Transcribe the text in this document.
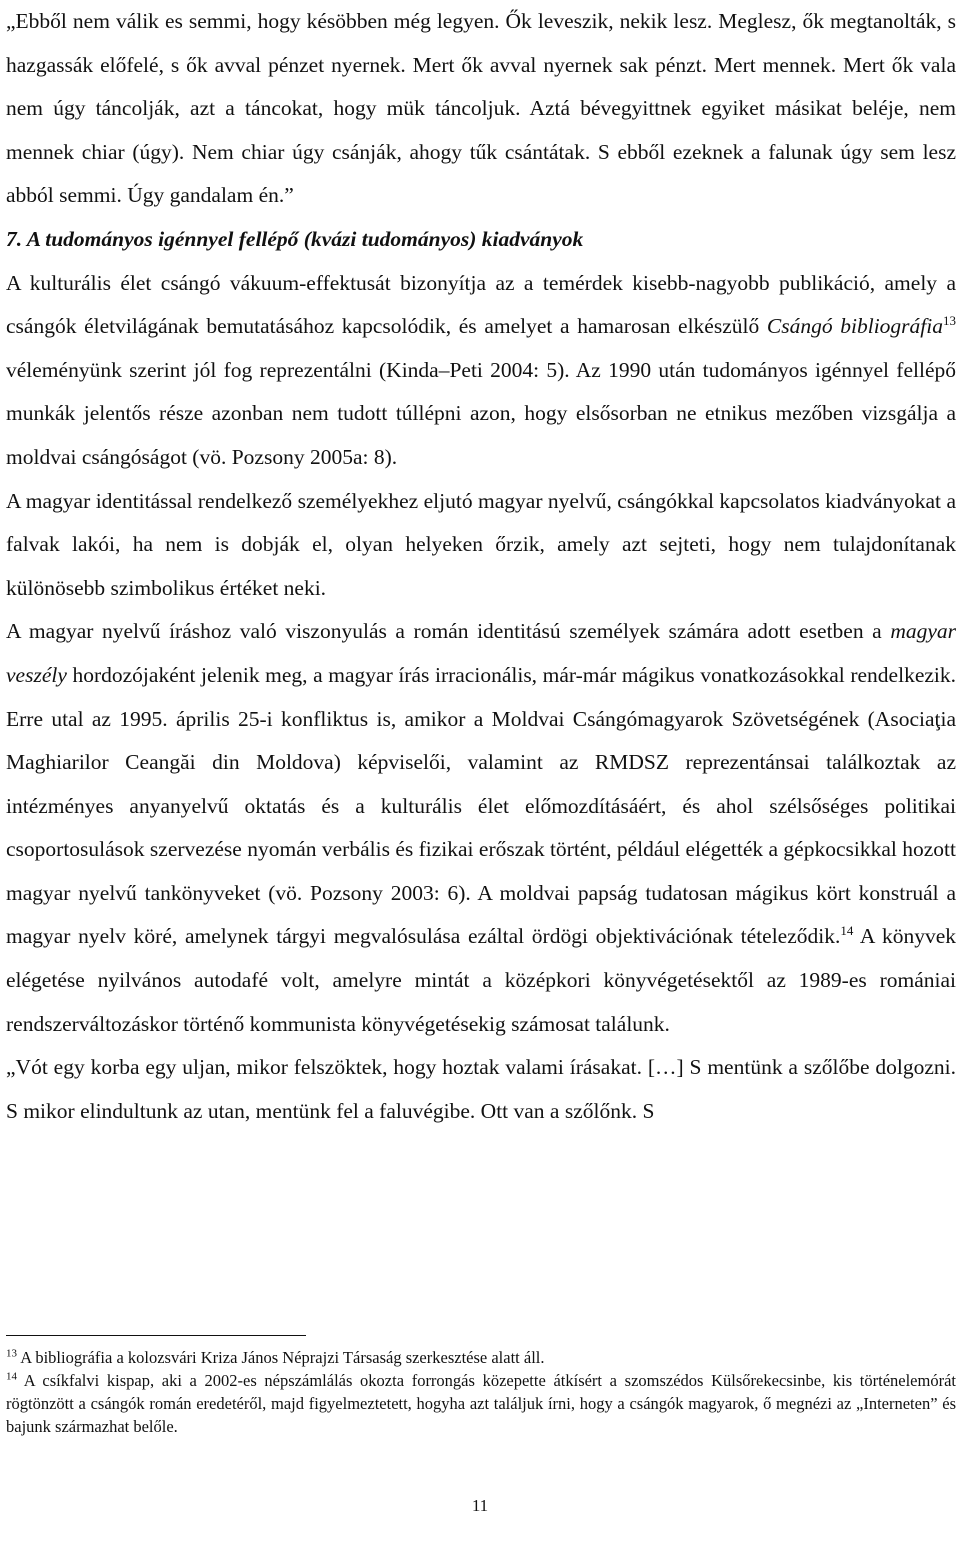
„Ebből nem válik es semmi, hogy késöbben még legyen. Ők leveszik, nekik lesz. Meglesz, ők megtanolták, s hazgassák előfelé, s ők avval pénzet nyernek. Mert ők avval nyernek sak pénzt. Mert mennek. Mert ők vala nem úgy táncolják, azt a táncokat, hogy mük táncoljuk. Aztá bévegyittnek egyiket másikat beléje, nem mennek chiar (úgy). Nem chiar úgy csánják, ahogy tűk csántátak. S ebből ezeknek a falunak úgy sem lesz abból semmi. Úgy gandalam én.”

7. A tudományos igénnyel fellépő (kvázi tudományos) kiadványok

A kulturális élet csángó vákuum-effektusát bizonyítja az a temérdek kisebb-nagyobb publikáció, amely a csángók életvilágának bemutatásához kapcsolódik, és amelyet a hamarosan elkészülő Csángó bibliográfia$^{13}$ véleményünk szerint jól fog reprezentálni (Kinda–Peti 2004: 5). Az 1990 után tudományos igénnyel fellépő munkák jelentős része azonban nem tudott túllépni azon, hogy elsősorban ne etnikus mezőben vizsgálja a moldvai csángóságot (vö. Pozsony 2005a: 8).

A magyar identitással rendelkező személyekhez eljutó magyar nyelvű, csángókkal kapcsolatos kiadványokat a falvak lakói, ha nem is dobják el, olyan helyeken őrzik, amely azt sejteti, hogy nem tulajdonítanak különösebb szimbolikus értéket neki.

A magyar nyelvű íráshoz való viszonyulás a román identitású személyek számára adott esetben a magyar veszély hordozójaként jelenik meg, a magyar írás irracionális, már-már mágikus vonatkozásokkal rendelkezik. Erre utal az 1995. április 25-i konfliktus is, amikor a Moldvai Csángómagyarok Szövetségének (Asociaţia Maghiarilor Ceangăi din Moldova) képviselői, valamint az RMDSZ reprezentánsai találkoztak az intézményes anyanyelvű oktatás és a kulturális élet előmozdításáért, és ahol szélsőséges politikai csoportosulások szervezése nyomán verbális és fizikai erőszak történt, például elégették a gépkocsikkal hozott magyar nyelvű tankönyveket (vö. Pozsony 2003: 6). A moldvai papság tudatosan mágikus kört konstruál a magyar nyelv köré, amelynek tárgyi megvalósulása ezáltal ördögi objektivációnak tételeződik.$^{14}$ A könyvek elégetése nyilvános autodafé volt, amelyre mintát a középkori könyvégetésektől az 1989-es romániai rendszerváltozáskor történő kommunista könyvégetésekig számosat találunk.

„Vót egy korba egy uljan, mikor felszöktek, hogy hoztak valami írásakat. […] S mentünk a szőlőbe dolgozni. S mikor elindultunk az utan, mentünk fel a faluvégibe. Ott van a szőlőnk. S

$^{13}$ A bibliográfia a kolozsvári Kriza János Néprajzi Társaság szerkesztése alatt áll.

$^{14}$ A csíkfalvi kispap, aki a 2002-es népszámlálás okozta forrongás közepette átkísért a szomszédos Külsőrekecsinbe, kis történelemórát rögtönzött a csángók román eredetéről, majd figyelmeztetett, hogyha azt találjuk írni, hogy a csángók magyarok, ő megnézi az „Interneten” és bajunk származhat belőle.

11
